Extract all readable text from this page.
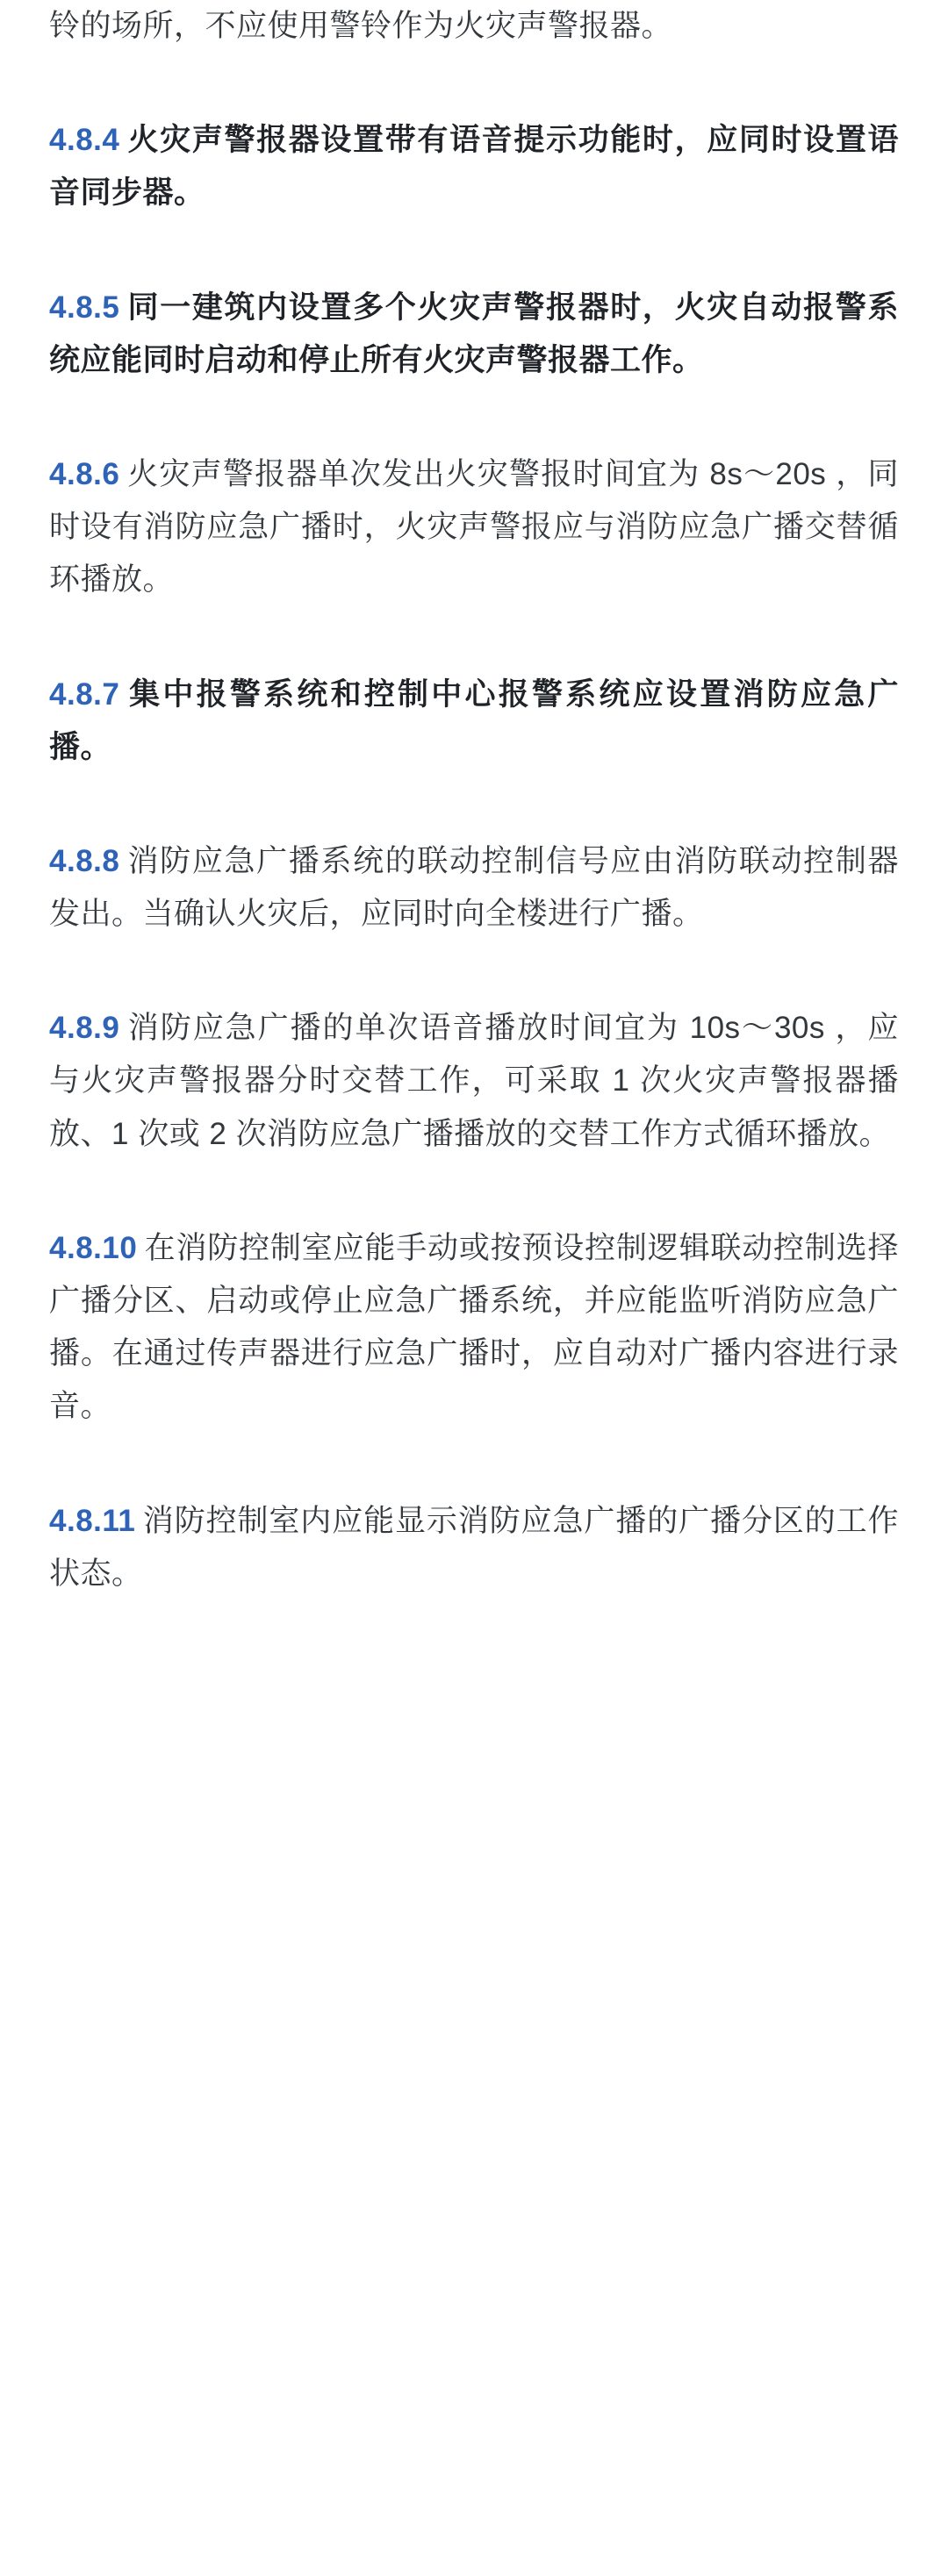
铃的场所，不应使用警铃作为火灾声警报器。

4.8.4 火灾声警报器设置带有语音提示功能时，应同时设置语音同步器。

4.8.5 同一建筑内设置多个火灾声警报器时，火灾自动报警系统应能同时启动和停止所有火灾声警报器工作。

4.8.6 火灾声警报器单次发出火灾警报时间宜为 8s～20s ，同时设有消防应急广播时，火灾声警报应与消防应急广播交替循环播放。

4.8.7 集中报警系统和控制中心报警系统应设置消防应急广播。

4.8.8 消防应急广播系统的联动控制信号应由消防联动控制器发出。当确认火灾后，应同时向全楼进行广播。

4.8.9 消防应急广播的单次语音播放时间宜为 10s～30s ，应与火灾声警报器分时交替工作，可采取 1 次火灾声警报器播放、1 次或 2 次消防应急广播播放的交替工作方式循环播放。

4.8.10 在消防控制室应能手动或按预设控制逻辑联动控制选择广播分区、启动或停止应急广播系统，并应能监听消防应急广播。在通过传声器进行应急广播时，应自动对广播内容进行录音。

4.8.11 消防控制室内应能显示消防应急广播的广播分区的工作状态。
